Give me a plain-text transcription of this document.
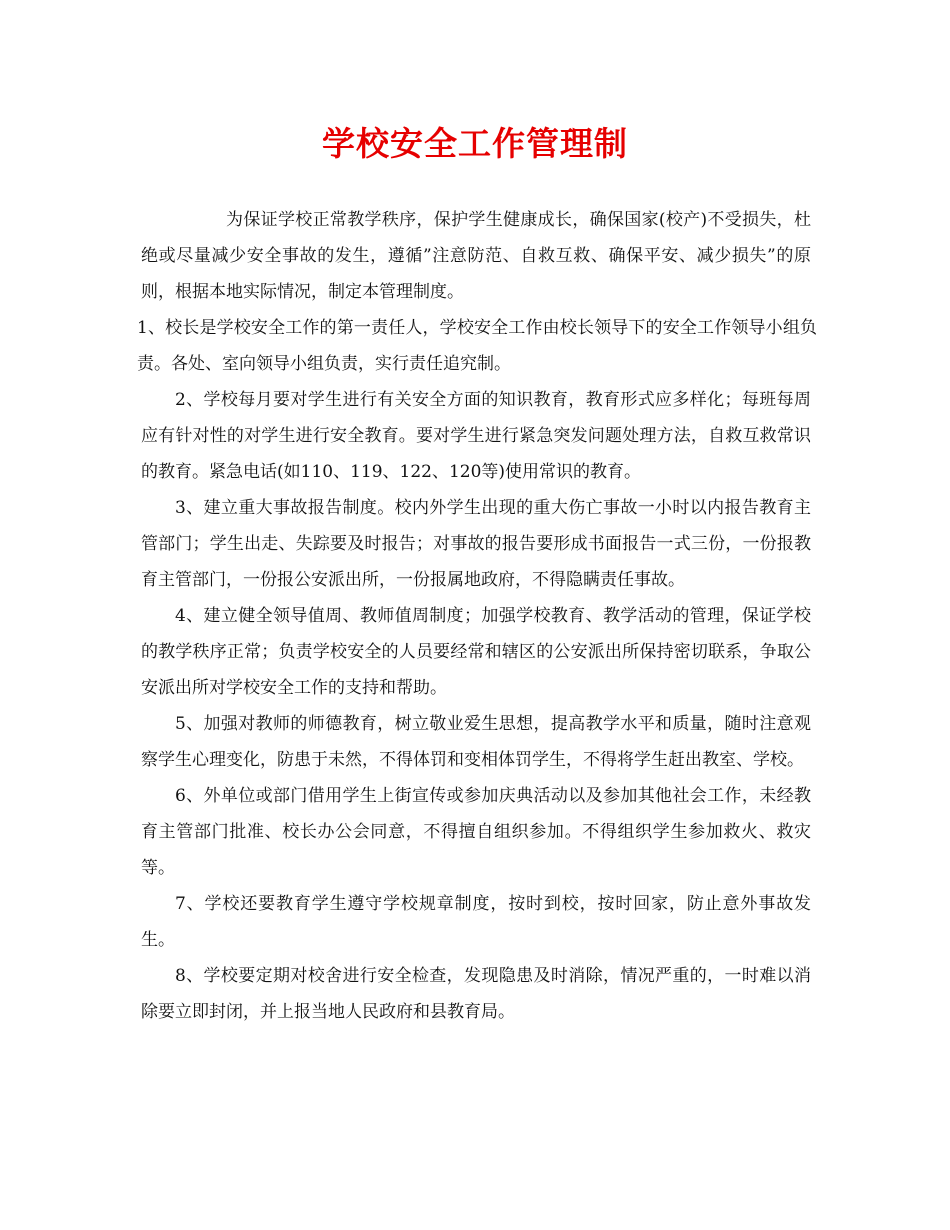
学校安全工作管理制

为保证学校正常教学秩序，保护学生健康成长，确保国家(校产)不受损失，杜绝或尽量减少安全事故的发生，遵循”注意防范、自救互救、确保平安、减少损失”的原则，根据本地实际情况，制定本管理制度。

1、校长是学校安全工作的第一责任人，学校安全工作由校长领导下的安全工作领导小组负责。各处、室向领导小组负责，实行责任追究制。

2、学校每月要对学生进行有关安全方面的知识教育，教育形式应多样化；每班每周应有针对性的对学生进行安全教育。要对学生进行紧急突发问题处理方法，自救互救常识的教育。紧急电话(如110、119、122、120等)使用常识的教育。

3、建立重大事故报告制度。校内外学生出现的重大伤亡事故一小时以内报告教育主管部门；学生出走、失踪要及时报告；对事故的报告要形成书面报告一式三份，一份报教育主管部门，一份报公安派出所，一份报属地政府，不得隐瞒责任事故。

4、建立健全领导值周、教师值周制度；加强学校教育、教学活动的管理，保证学校的教学秩序正常；负责学校安全的人员要经常和辖区的公安派出所保持密切联系，争取公安派出所对学校安全工作的支持和帮助。

5、加强对教师的师德教育，树立敬业爱生思想，提高教学水平和质量，随时注意观察学生心理变化，防患于未然，不得体罚和变相体罚学生，不得将学生赶出教室、学校。

6、外单位或部门借用学生上街宣传或参加庆典活动以及参加其他社会工作，未经教育主管部门批准、校长办公会同意，不得擅自组织参加。不得组织学生参加救火、救灾等。

7、学校还要教育学生遵守学校规章制度，按时到校，按时回家，防止意外事故发生。

8、学校要定期对校舍进行安全检查，发现隐患及时消除，情况严重的，一时难以消除要立即封闭，并上报当地人民政府和县教育局。
